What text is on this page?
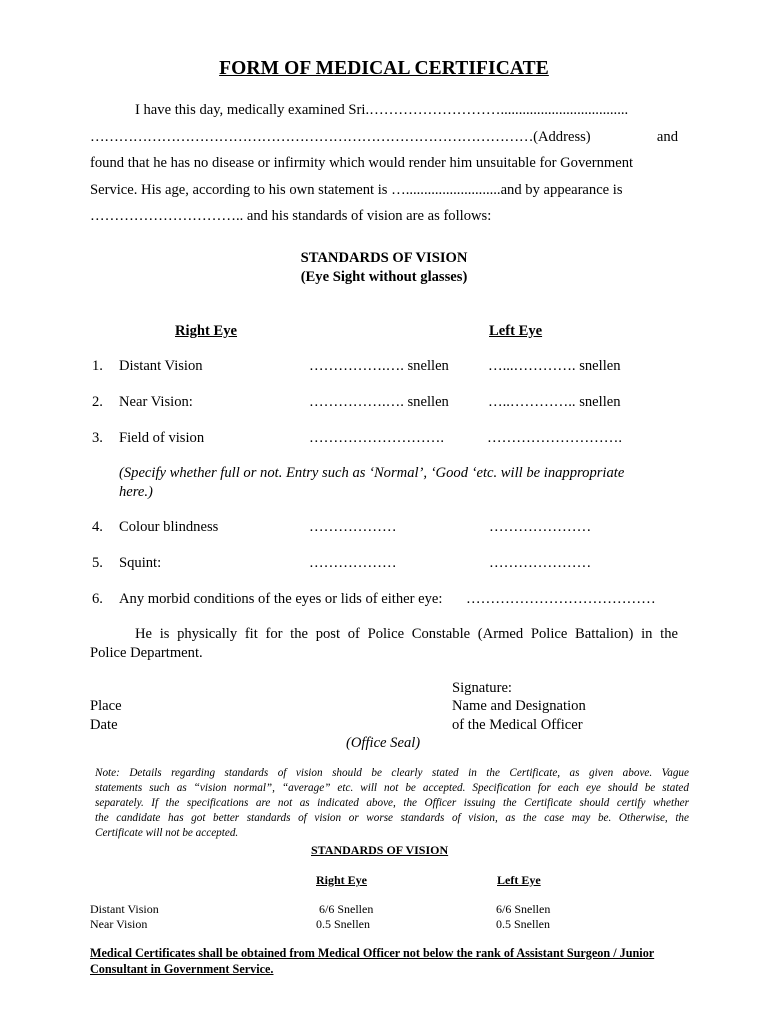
FORM OF MEDICAL CERTIFICATE

I have this day, medically examined Sri.………………………...................................

………………………………………………………………………………… (Address)	and

found that he has no disease or infirmity which would render him unsuitable for Government

Service. His age, according to his own statement is …..........................and by appearance is

………………………….. and his standards of vision are as follows:

STANDARDS OF VISION
(Eye Sight without glasses)
Right Eye	Left Eye
1. Distant Vision	…………….…. snellen	…...…………. snellen
2. Near Vision:	…………….…. snellen	…..………….. snellen
3. Field of vision	……………………….	……………………….
(Specify whether full or not. Entry such as ‘Normal’, ‘Good ‘etc. will be inappropriate
here.)
4. Colour blindness	………………	…………………
5. Squint:	………………	…………………
6. Any morbid conditions of the eyes or lids of either eye: …………………………………
He is physically fit for the post of Police Constable (Armed Police Battalion) in the
Police Department.
Signature:
Name and Designation
of the Medical Officer
Place
Date
(Office Seal)

Note: Details regarding standards of vision should be clearly stated in the Certificate, as given above. Vague

statements such as “vision normal”, “average” etc. will not be accepted. Specification for each eye should be stated

separately. If the specifications are not as indicated above, the Officer issuing the Certificate should certify whether

the candidate has got better standards of vision or worse standards of vision, as the case may be. Otherwise, the

Certificate will not be accepted.

STANDARDS OF VISION
Right Eye	Left Eye
Distant Vision	6/6 Snellen	6/6 Snellen
Near Vision	0.5 Snellen	0.5 Snellen
Medical Certificates shall be obtained from Medical Officer not below the rank of Assistant Surgeon / Junior Consultant in Government Service.
